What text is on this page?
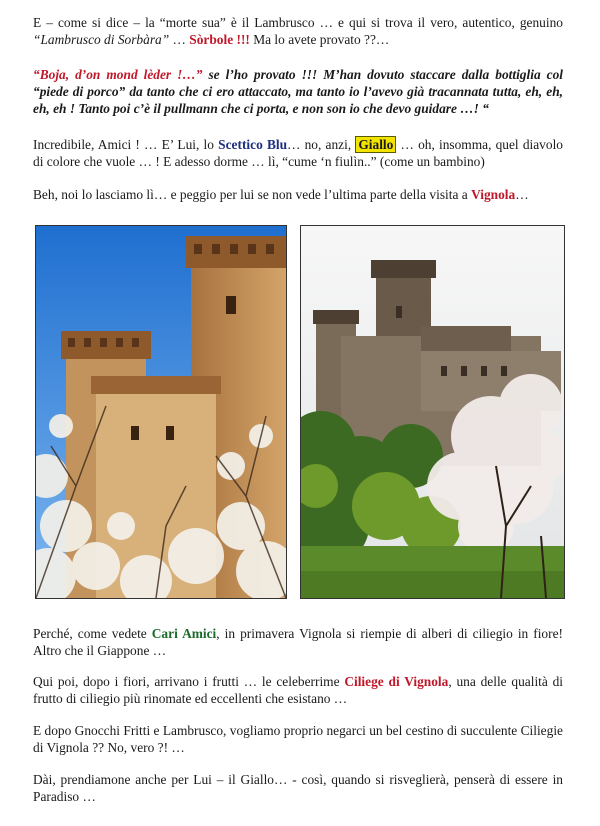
E – come si dice – la “morte sua” è il Lambrusco … e qui si trova il vero, autentico, genuino “Lambrusco di Sorbàra” … Sòrbole !!! Ma lo avete provato ??…

“Boja, d’on mond lèder !…” se l’ho provato !!! M’han dovuto staccare dalla bottiglia col “piede di porco” da tanto che ci ero attaccato, ma tanto io l’avevo già tracannata tutta, eh, eh, eh, eh ! Tanto poi c’è il pullmann che ci porta, e non son io che devo guidare …! “

Incredibile, Amici ! … E’ Lui, lo Scettico Blu… no, anzi, Giallo … oh, insomma, quel diavolo di colore che vuole … ! E adesso dorme … lì, “cume ‘n fiulìn..” (come un bambino)

Beh, noi lo lasciamo lì… e peggio per lui se non vede l’ultima parte della visita a Vignola…

Perché, come vedete Cari Amici, in primavera Vignola si riempie di alberi di ciliegio in fiore! Altro che il Giappone …

Qui poi, dopo i fiori, arrivano i frutti … le celeberrime Ciliege di Vignola, una delle qualità di frutto di ciliegio più rinomate ed eccellenti che esistano …

E dopo Gnocchi Fritti e Lambrusco, vogliamo proprio negarci un bel cestino di succulente Ciliegie di Vignola ?? No, vero ?! …

Dài, prendiamone anche per Lui – il Giallo… - così, quando si risveglierà, penserà di essere in Paradiso …
